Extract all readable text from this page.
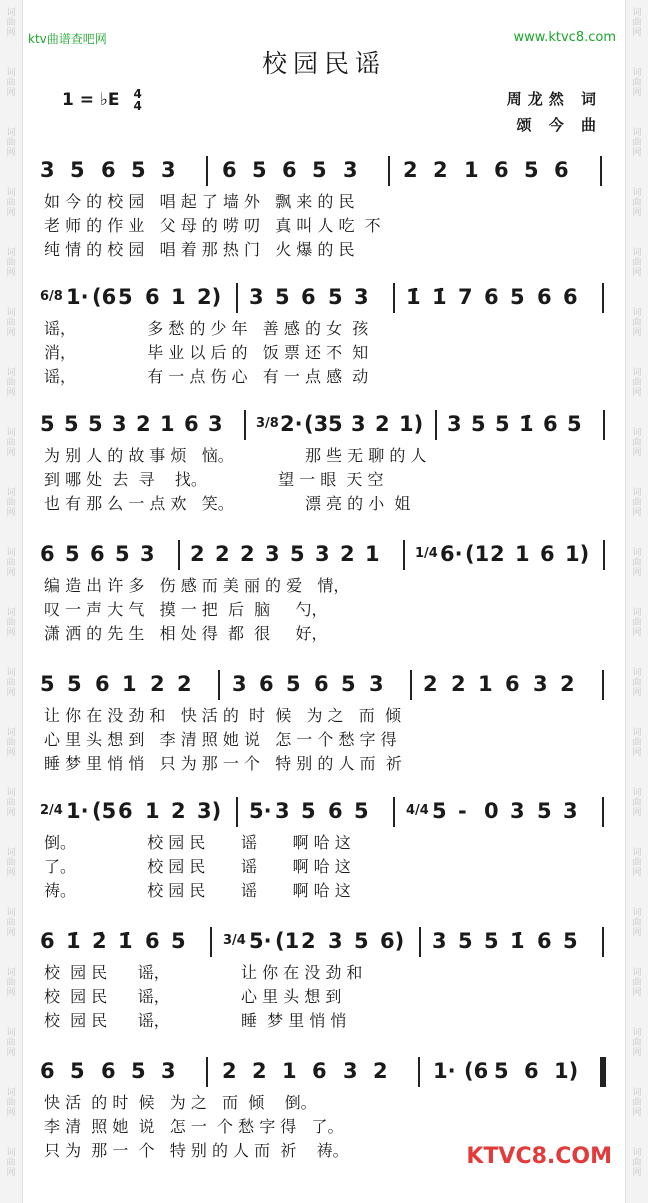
词
曲
网
词
曲
网
词
曲
网
词
曲
网
词
曲
网
词
曲
网
词
曲
网
词
曲
网
词
曲
网
词
曲
网
词
曲
网
词
曲
网
词
曲
网
词
曲
网
词
曲
网
词
曲
网
词
曲
网
词
曲
网
词
曲
网
词
曲
网
词
曲
网
词
曲
网
词
曲
网
词
曲
网
词
曲
网
词
曲
网
词
曲
网
词
曲
网
词
曲
网
词
曲
网
词
曲
网
词
曲
网
词
曲
网
词
曲
网
词
曲
网
词
曲
网
词
曲
网
词
曲
网
词
曲
网
词
曲
网
ktv曲谱查吧网	www.ktvc8.com
校园民谣
1 = ♭E 4
4	周龙然 词
颂 今 曲
3 5 6 5 3 6 5 6 5 3 2 2 1 6 5 6
如 今 的 校 园   唱 起 了 墙 外   飘 来 的 民
老 师 的 作 业   父 母 的 唠 叨   真 叫 人 吃  不
纯 情 的 校 园   唱 着 那 热 门   火 爆 的 民
6/8 1· (6 5 6 1 2) 3 5 6 5 3 1̇ 1̇ 7 6 5 6 6
谣，              多 愁 的 少 年   善 感 的 女  孩
消，              毕 业 以 后 的   饭 票 还 不  知
谣，              有 一 点 伤 心   有 一 点 感  动
5 5 5 3 2 1 6 3	3/8 2· (3 5 3 2 1) 3 5 5 1̇ 6 5
为 别 人 的 故 事 烦   恼。              那 些 无 聊 的 人
到 哪 处  去  寻    找。              望 一 眼  天 空
也 有 那 么 一 点 欢   笑。              漂 亮 的 小  姐
6 5 6 5 3 2 2 2 3 5 3 2 1	1/4 6· (1 2 1 6 1)
编 造 出 许 多   伤 感 而 美 丽 的 爱   情，
叹 一 声 大 气   摸 一 把  后  脑     勺，
潇 洒 的 先 生   相 处 得  都  很     好，
5 5 6 1 2 2 3 6 5 6 5 3 2 2 1 6 3 2
让 你 在 没 劲 和   快 活 的  时  候   为 之   而  倾
心 里 头 想 到   李 清 照 她 说   怎 一 个 愁 字 得
睡 梦 里 悄 悄   只 为 那 一 个   特 别 的 人 而  祈
2/4 1· (5 6 1 2 3) 5· 3 5 6 5	4/4 5 - 0 3 5 3
倒。              校 园 民       谣       啊 哈 这
了。              校 园 民       谣       啊 哈 这
祷。              校 园 民       谣       啊 哈 这
6 1̇ 2̇ 1̇ 6 5	3/4 5· (1 2 3 5 6) 3 5 5 1̇ 6 5
校  园 民      谣，              让 你 在 没 劲 和
校  园 民      谣，              心 里 头 想 到
校  园 民      谣，              睡  梦 里 悄 悄
6 5 6 5 3 2 2 1 6 3 2 1· (6 5 6 1)
快 活  的 时  候   为 之   而  倾    倒。
李 清  照 她  说   怎 一  个 愁 字 得   了。
只 为  那 一  个   特 别 的 人 而  祈    祷。	KTVC8.COM
